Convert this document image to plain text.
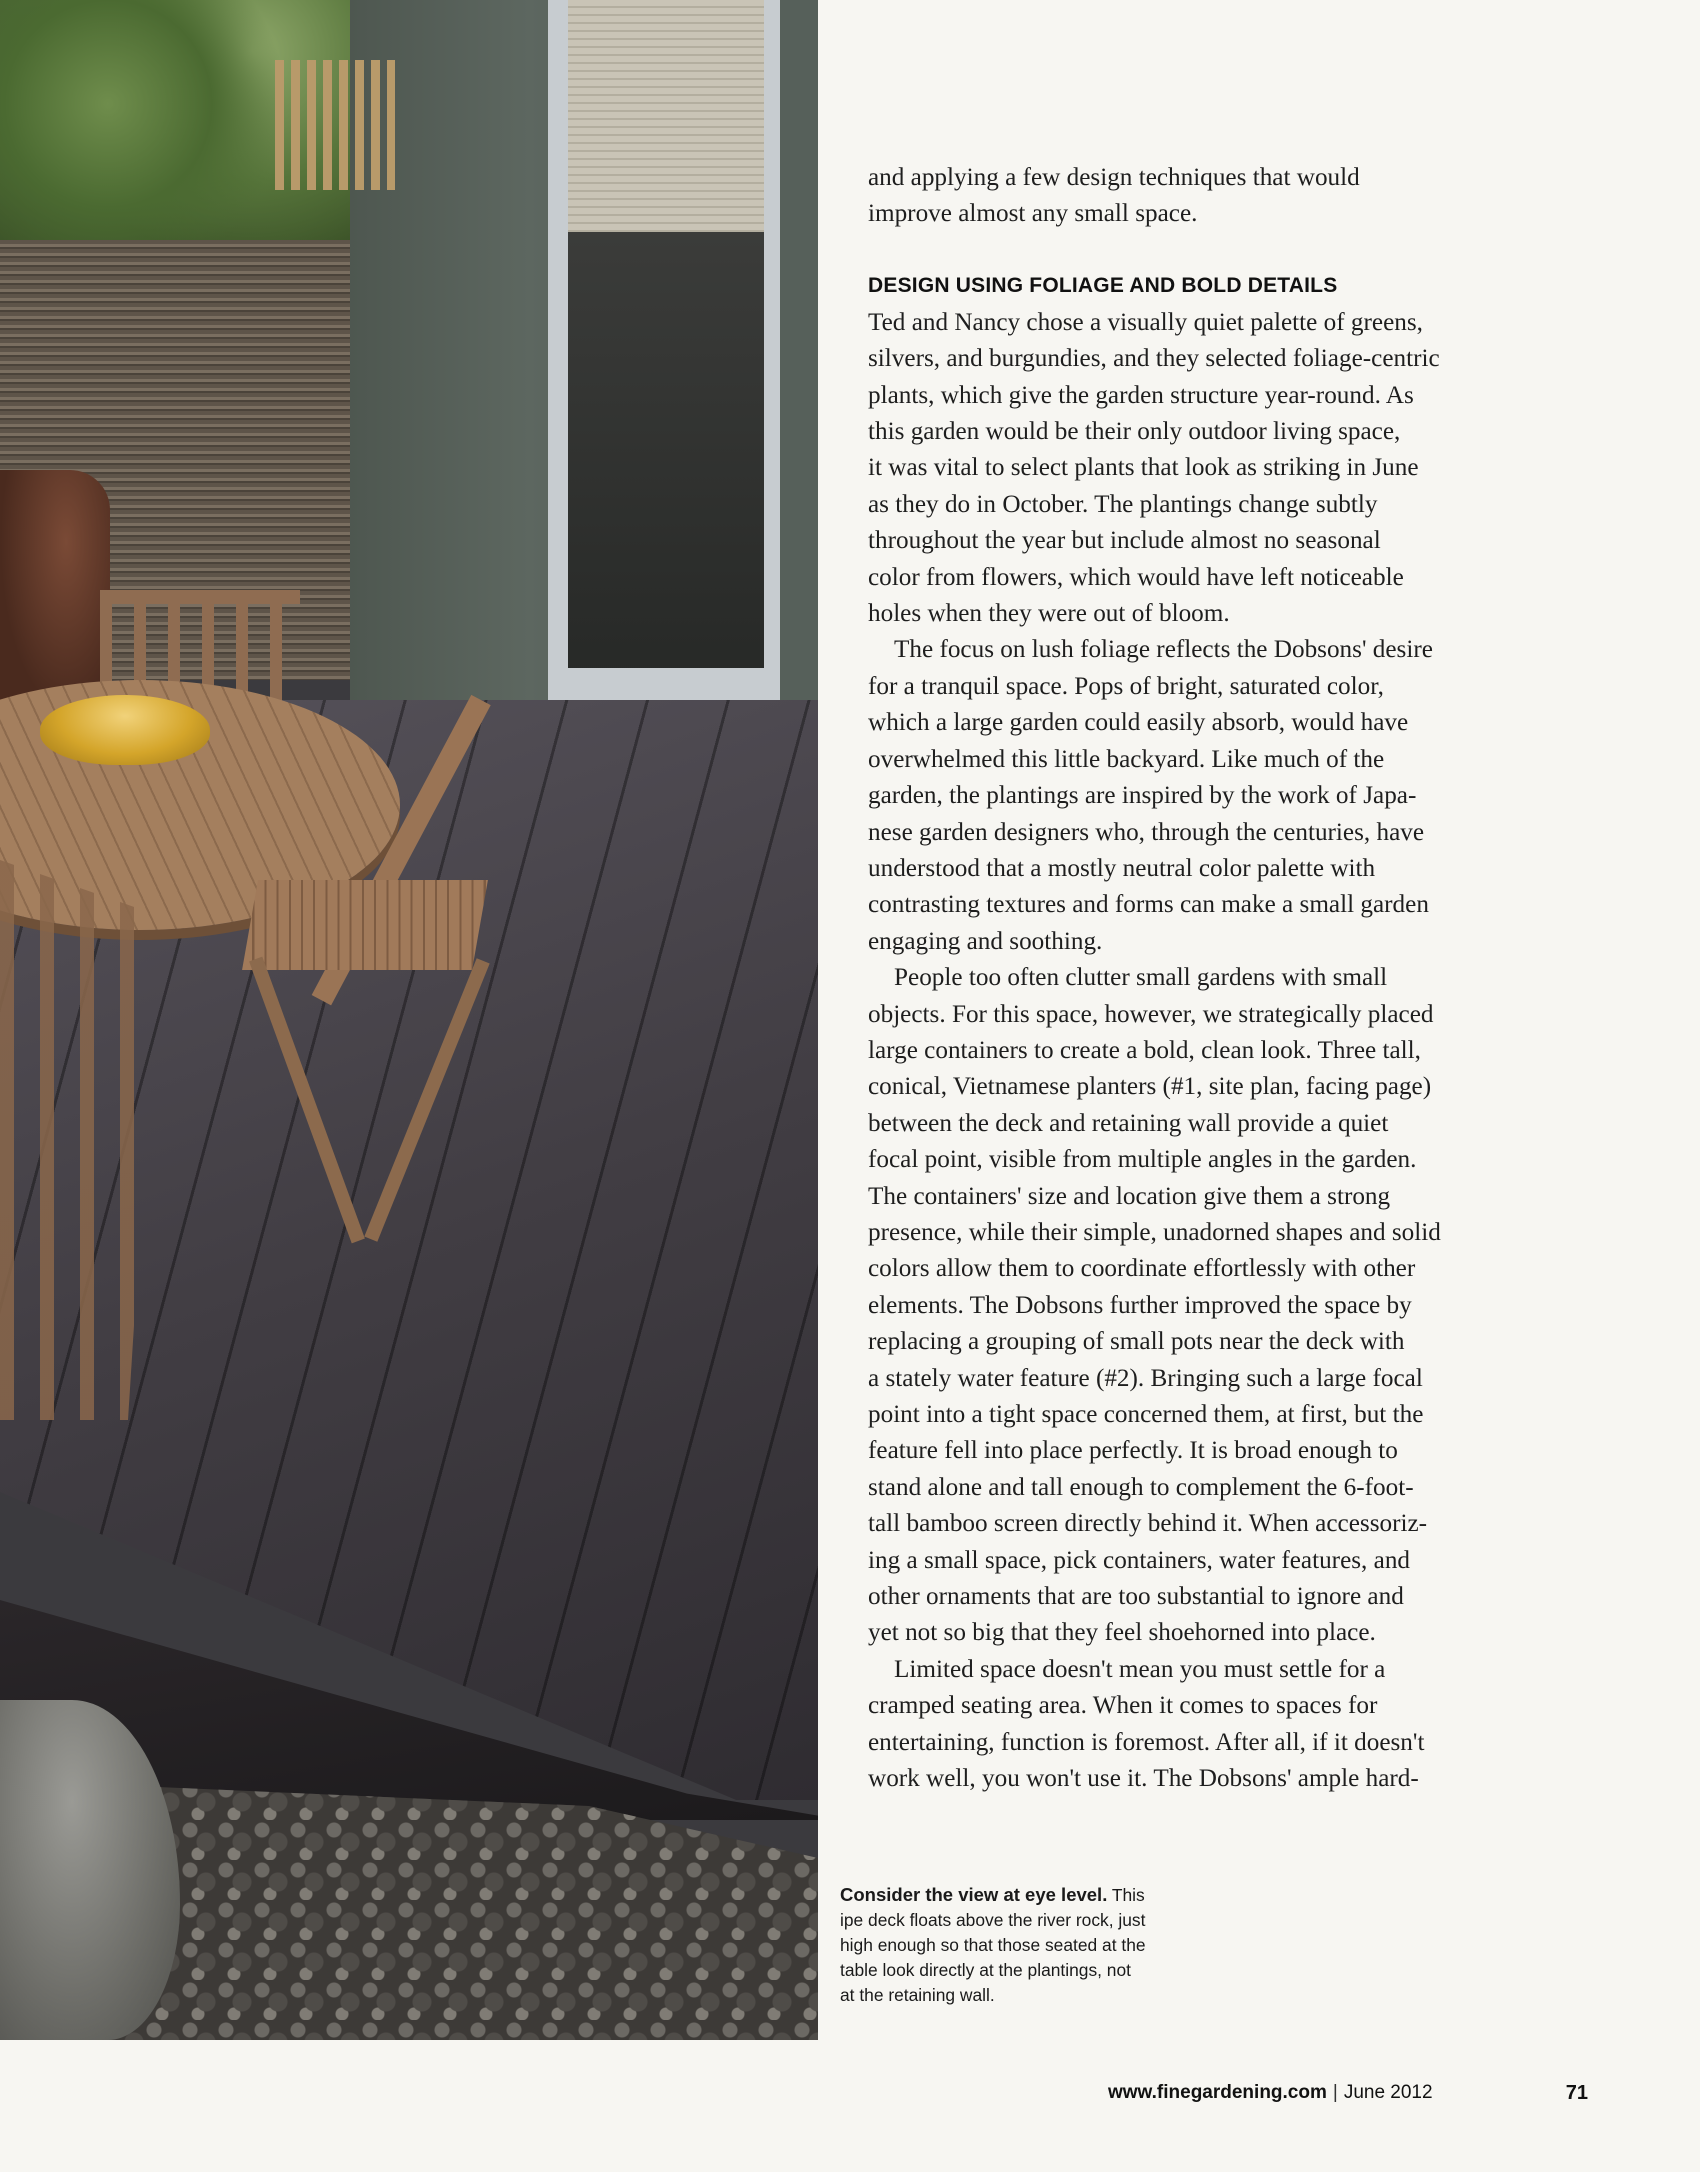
and applying a few design techniques that would

improve almost any small space.

DESIGN USING FOLIAGE AND BOLD DETAILS

Ted and Nancy chose a visually quiet palette of greens,

silvers, and burgundies, and they selected foliage-centric

plants, which give the garden structure year-round. As

this garden would be their only outdoor living space,

it was vital to select plants that look as striking in June

as they do in October. The plantings change subtly

throughout the year but include almost no seasonal

color from flowers, which would have left noticeable

holes when they were out of bloom.

The focus on lush foliage reflects the Dobsons' desire

for a tranquil space. Pops of bright, saturated color,

which a large garden could easily absorb, would have

overwhelmed this little backyard. Like much of the

garden, the plantings are inspired by the work of Japa-

nese garden designers who, through the centuries, have

understood that a mostly neutral color palette with

contrasting textures and forms can make a small garden

engaging and soothing.

People too often clutter small gardens with small

objects. For this space, however, we strategically placed

large containers to create a bold, clean look. Three tall,

conical, Vietnamese planters (#1, site plan, facing page)

between the deck and retaining wall provide a quiet

focal point, visible from multiple angles in the garden.

The containers' size and location give them a strong

presence, while their simple, unadorned shapes and solid

colors allow them to coordinate effortlessly with other

elements. The Dobsons further improved the space by

replacing a grouping of small pots near the deck with

a stately water feature (#2). Bringing such a large focal

point into a tight space concerned them, at first, but the

feature fell into place perfectly. It is broad enough to

stand alone and tall enough to complement the 6-foot-

tall bamboo screen directly behind it. When accessoriz-

ing a small space, pick containers, water features, and

other ornaments that are too substantial to ignore and

yet not so big that they feel shoehorned into place.

Limited space doesn't mean you must settle for a

cramped seating area. When it comes to spaces for

entertaining, function is foremost. After all, if it doesn't

work well, you won't use it. The Dobsons' ample hard-

Consider the view at eye level. This
ipe deck floats above the river rock, just
high enough so that those seated at the
table look directly at the plantings, not
at the retaining wall.
www.finegardening.com | June 2012	71
